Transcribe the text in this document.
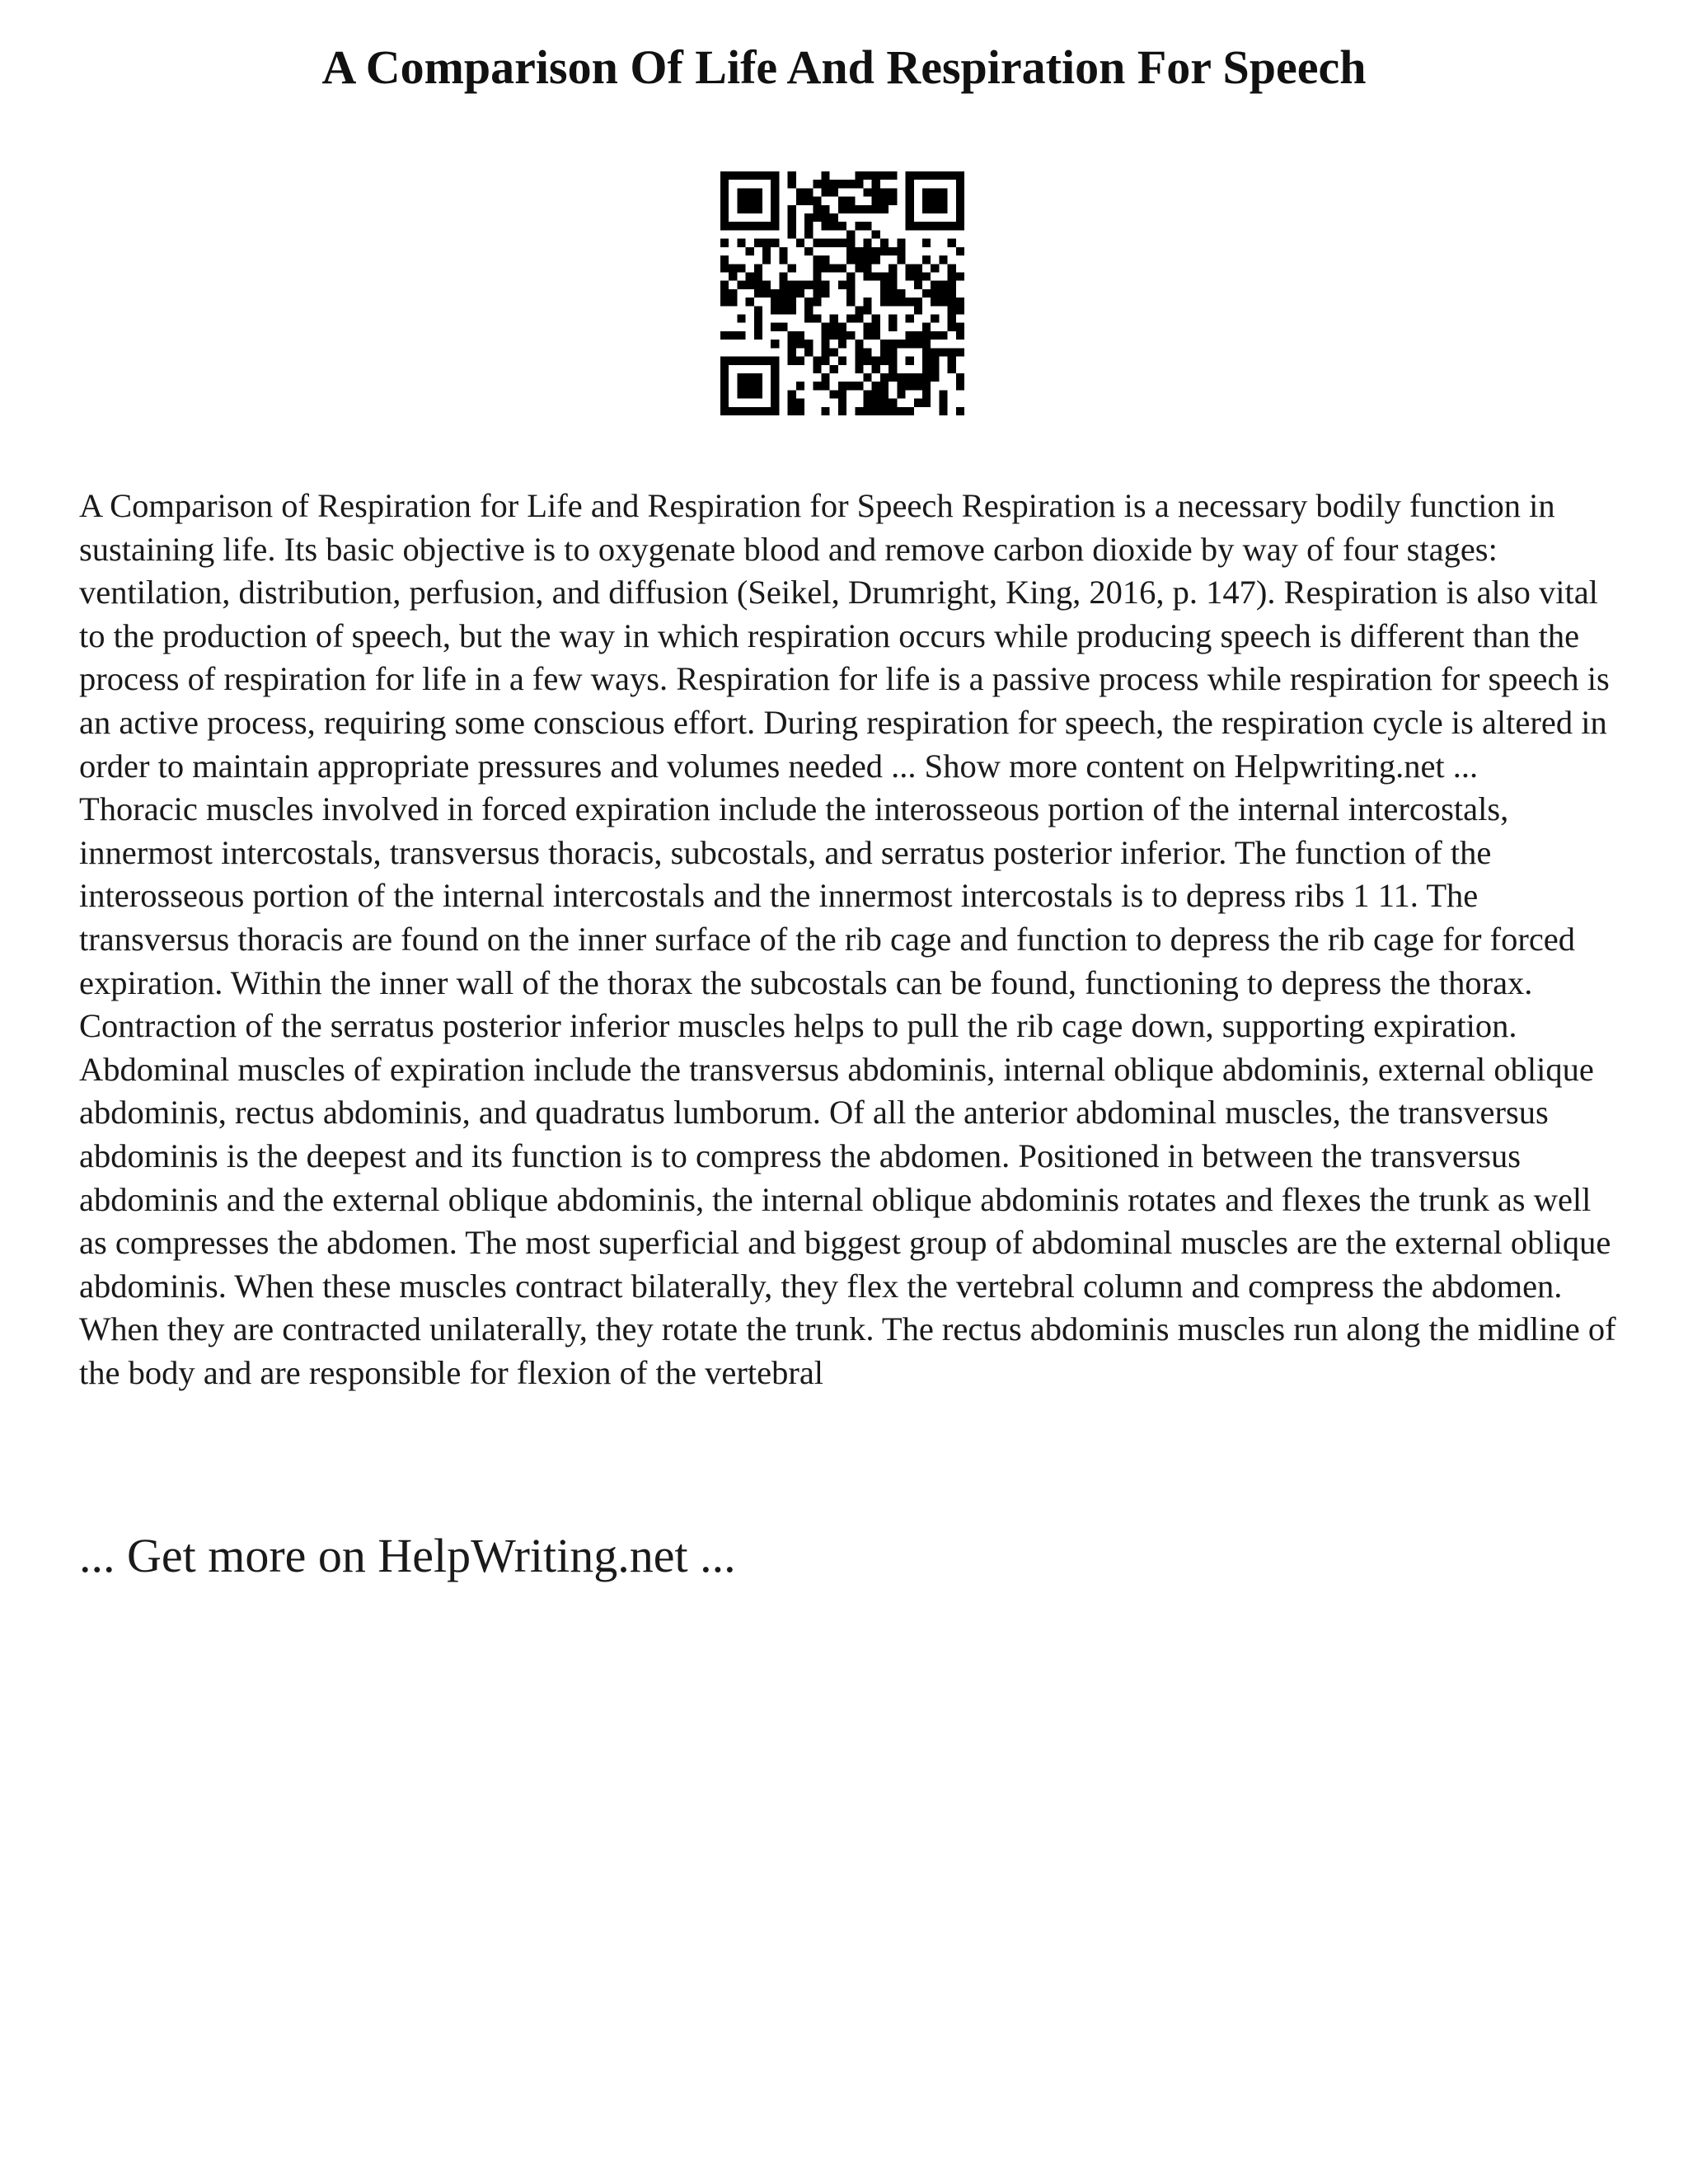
A Comparison Of Life And Respiration For Speech

A Comparison of Respiration for Life and Respiration for Speech Respiration is a necessary bodily function in sustaining life. Its basic objective is to oxygenate blood and remove carbon dioxide by way of four stages: ventilation, distribution, perfusion, and diffusion (Seikel, Drumright, King, 2016, p. 147). Respiration is also vital to the production of speech, but the way in which respiration occurs while producing speech is different than the process of respiration for life in a few ways. Respiration for life is a passive process while respiration for speech is an active process, requiring some conscious effort. During respiration for speech, the respiration cycle is altered in order to maintain appropriate pressures and volumes needed ... Show more content on Helpwriting.net ...

Thoracic muscles involved in forced expiration include the interosseous portion of the internal intercostals, innermost intercostals, transversus thoracis, subcostals, and serratus posterior inferior. The function of the interosseous portion of the internal intercostals and the innermost intercostals is to depress ribs 1 11. The transversus thoracis are found on the inner surface of the rib cage and function to depress the rib cage for forced expiration. Within the inner wall of the thorax the subcostals can be found, functioning to depress the thorax. Contraction of the serratus posterior inferior muscles helps to pull the rib cage down, supporting expiration. Abdominal muscles of expiration include the transversus abdominis, internal oblique abdominis, external oblique abdominis, rectus abdominis, and quadratus lumborum. Of all the anterior abdominal muscles, the transversus abdominis is the deepest and its function is to compress the abdomen. Positioned in between the transversus abdominis and the external oblique abdominis, the internal oblique abdominis rotates and flexes the trunk as well as compresses the abdomen. The most superficial and biggest group of abdominal muscles are the external oblique abdominis. When these muscles contract bilaterally, they flex the vertebral column and compress the abdomen. When they are contracted unilaterally, they rotate the trunk. The rectus abdominis muscles run along the midline of the body and are responsible for flexion of the vertebral

... Get more on HelpWriting.net ...
